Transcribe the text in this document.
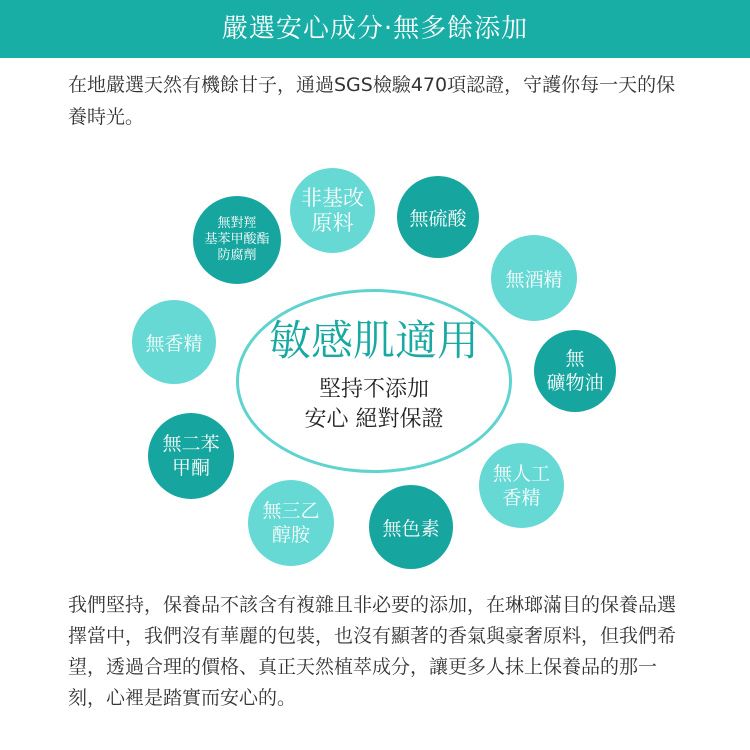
嚴選安心成分‧無多餘添加
在地嚴選天然有機餘甘子，通過SGS檢驗470項認證，守護你每一天的保養時光。
非基改
原料	無硫酸
無對羥
基苯甲酸酯
防腐劑
無酒精
無香精
無
礦物油
無二苯
甲酮	無人工
香精
無三乙
醇胺	無色素
敏感肌適用
堅持不添加
安心 絕對保證
我們堅持，保養品不該含有複雜且非必要的添加，在琳瑯滿目的保養品選擇當中，我們沒有華麗的包裝，也沒有顯著的香氣與豪奢原料，但我們希望，透過合理的價格、真正天然植萃成分，讓更多人抹上保養品的那一刻，心裡是踏實而安心的。
